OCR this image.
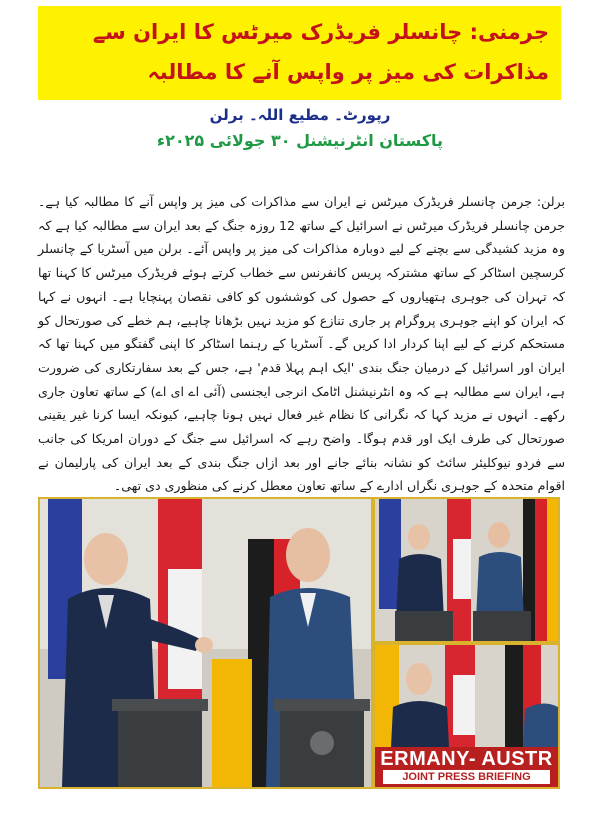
جرمنی: چانسلر فریڈرک میرٹس کا ایران سے مذاکرات کی میز پر واپس آنے کا مطالبہ
رپورٹ۔ مطیع اللہ۔ برلن
پاکستان انٹرنیشنل ۳۰ جولائی ۲۰۲۵ء
برلن: جرمن چانسلر فریڈرک میرٹس نے ایران سے مذاکرات کی میز پر واپس آنے کا مطالبہ کیا ہے۔ جرمن چانسلر فریڈرک میرٹس نے اسرائیل کے ساتھ 12 روزہ جنگ کے بعد ایران سے مطالبہ کیا ہے کہ وہ مزید کشیدگی سے بچنے کے لیے دوبارہ مذاکرات کی میز پر واپس آئے۔ برلن میں آسٹریا کے چانسلر کرسچین اسٹاکر کے ساتھ مشترکہ پریس کانفرنس سے خطاب کرتے ہوئے فریڈرک میرٹس کا کہنا تھا کہ تہران کی جوہری ہتھیاروں کے حصول کی کوششوں کو کافی نقصان پہنچایا ہے۔ انہوں نے کہا کہ ایران کو اپنے جوہری پروگرام پر جاری تنازع کو مزید نہیں بڑھانا چاہیے، ہم خطے کی صورتحال کو مستحکم کرنے کے لیے اپنا کردار ادا کریں گے۔ آسٹریا کے رہنما اسٹاکر کا اپنی گفتگو میں کہنا تھا کہ ایران اور اسرائیل کے درمیان جنگ بندی 'ایک اہم پہلا قدم' ہے، جس کے بعد سفارتکاری کی ضرورت ہے، ایران سے مطالبہ ہے کہ وہ انٹرنیشنل اٹامک انرجی ایجنسی (آئی اے ای اے) کے ساتھ تعاون جاری رکھے۔ انہوں نے مزید کہا کہ نگرانی کا نظام غیر فعال نہیں ہونا چاہیے، کیونکہ ایسا کرنا غیر یقینی صورتحال کی طرف ایک اور قدم ہوگا۔ واضح رہے کہ اسرائیل سے جنگ کے دوران امریکا کی جانب سے فردو نیوکلیئر سائٹ کو نشانہ بنائے جانے اور بعد ازاں جنگ بندی کے بعد ایران کی پارلیمان نے اقوام متحدہ کے جوہری نگراں ادارے کے ساتھ تعاون معطل کرنے کی منظوری دی تھی۔
ERMANY- AUSTR
JOINT PRESS BRIEFING
